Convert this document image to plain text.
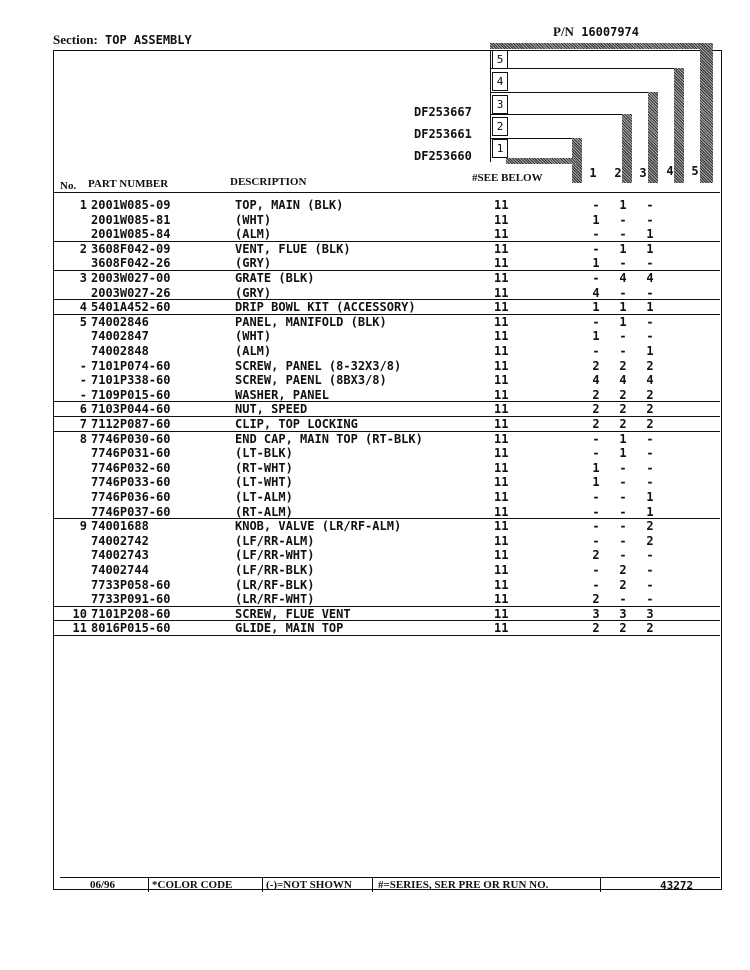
Section: TOP ASSEMBLY
P/N 16007974
5
4
3
2
1
DF253667
DF253661
DF253660
1 2 3 4 5
No. PART NUMBER	DESCRIPTION	#SEE BELOW
1 2001W085-09	TOP, MAIN (BLK)	11	- 1 -
2001W085-81	(WHT)	11	1 - -
2001W085-84	(ALM)	11	- - 1
2 3608F042-09	VENT, FLUE (BLK)	11	- 1 1
3608F042-26	(GRY)	11	1 - -
3 2003W027-00	GRATE (BLK)	11	- 4 4
2003W027-26	(GRY)	11	4 - -
4 5401A452-60	DRIP BOWL KIT (ACCESSORY)	11	1 1 1
5 74002846	PANEL, MANIFOLD (BLK)	11	- 1 -
74002847	(WHT)	11	1 - -
74002848	(ALM)	11	- - 1
- 7101P074-60	SCREW, PANEL (8-32X3/8)	11	2 2 2
- 7101P338-60	SCREW, PAENL (8BX3/8)	11	4 4 4
- 7109P015-60	WASHER, PANEL	11	2 2 2
6 7103P044-60	NUT, SPEED	11	2 2 2
7 7112P087-60	CLIP, TOP LOCKING	11	2 2 2
8 7746P030-60	END CAP, MAIN TOP (RT-BLK)	11	- 1 -
7746P031-60	(LT-BLK)	11	- 1 -
7746P032-60	(RT-WHT)	11	1 - -
7746P033-60	(LT-WHT)	11	1 - -
7746P036-60	(LT-ALM)	11	- - 1
7746P037-60	(RT-ALM)	11	- - 1
9 74001688	KNOB, VALVE (LR/RF-ALM)	11	- - 2
74002742	(LF/RR-ALM)	11	- - 2
74002743	(LF/RR-WHT)	11	2 - -
74002744	(LF/RR-BLK)	11	- 2 -
7733P058-60	(LR/RF-BLK)	11	- 2 -
7733P091-60	(LR/RF-WHT)	11	2 - -
10 7101P208-60	SCREW, FLUE VENT	11	3 3 3
11 8016P015-60	GLIDE, MAIN TOP	11	2 2 2
06/96	*COLOR CODE	(-)=NOT SHOWN #=SERIES, SER PRE OR RUN NO.	43272
